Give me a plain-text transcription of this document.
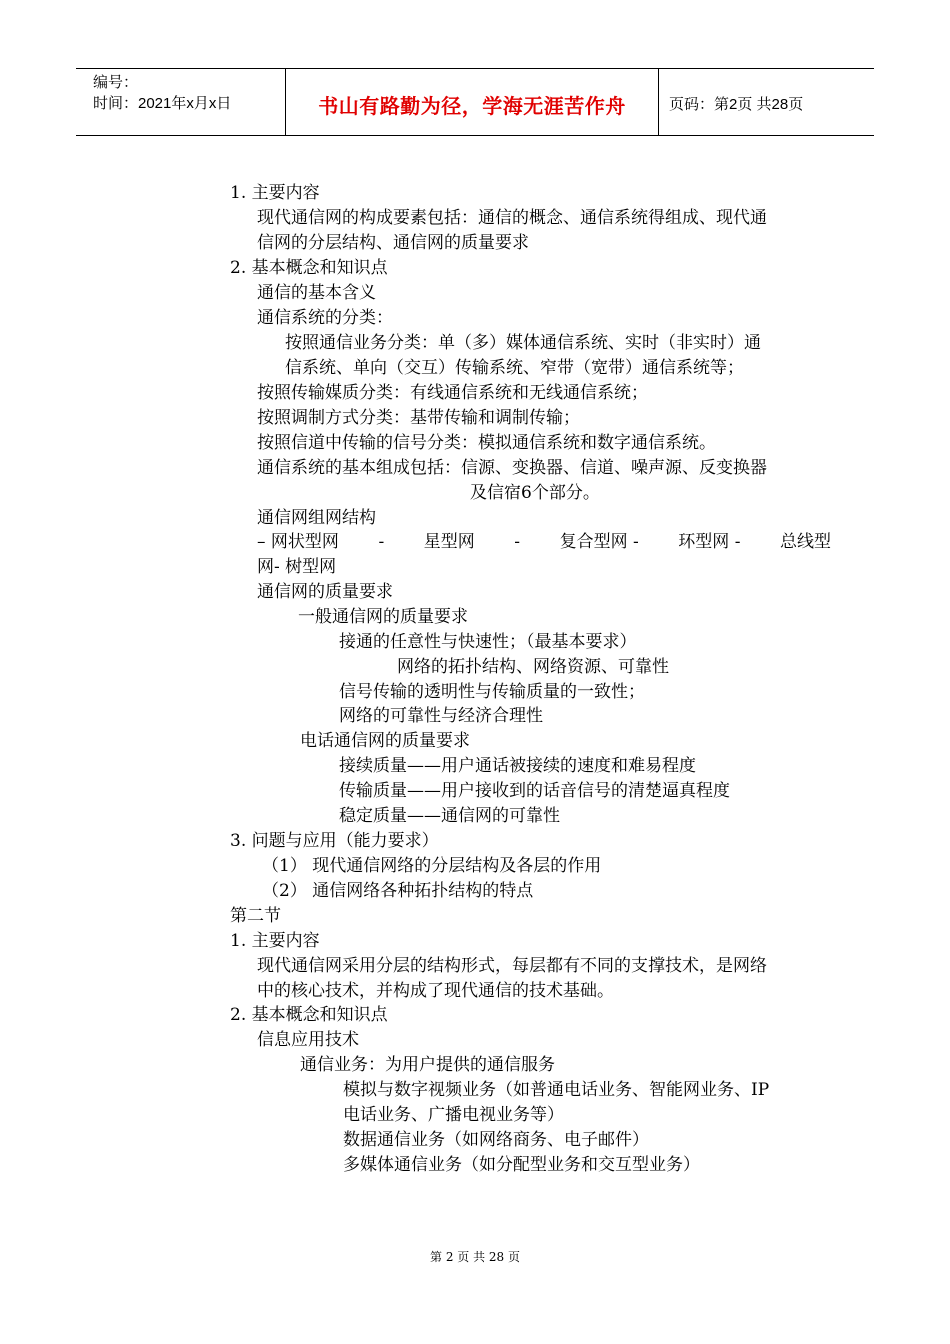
编号：
时间：2021年x月x日	书山有路勤为径，学海无涯苦作舟	页码：第2页 共28页
1. 主要内容
现代通信网的构成要素包括：通信的概念、通信系统得组成、现代通
信网的分层结构、通信网的质量要求
2. 基本概念和知识点
通信的基本含义
通信系统的分类：
按照通信业务分类：单（多）媒体通信系统、实时（非实时）通
信系统、单向（交互）传输系统、窄带（宽带）通信系统等；
按照传输媒质分类：有线通信系统和无线通信系统；
按照调制方式分类：基带传输和调制传输；
按照信道中传输的信号分类：模拟通信系统和数字通信系统。
通信系统的基本组成包括：信源、变换器、信道、噪声源、反变换器
及信宿6个部分。
通信网组网结构
– 网状型网 - 星型网 - 复合型网 - 环型网 - 总线型
网- 树型网
通信网的质量要求
一般通信网的质量要求
接通的任意性与快速性；（最基本要求）
网络的拓扑结构、网络资源、可靠性
信号传输的透明性与传输质量的一致性；
网络的可靠性与经济合理性
电话通信网的质量要求
接续质量——用户通话被接续的速度和难易程度
传输质量——用户接收到的话音信号的清楚逼真程度
稳定质量——通信网的可靠性
3. 问题与应用（能力要求）
（1） 现代通信网络的分层结构及各层的作用
（2） 通信网络各种拓扑结构的特点
第二节
1. 主要内容
现代通信网采用分层的结构形式，每层都有不同的支撑技术，是网络
中的核心技术，并构成了现代通信的技术基础。
2. 基本概念和知识点
信息应用技术
通信业务：为用户提供的通信服务
模拟与数字视频业务（如普通电话业务、智能网业务、IP
电话业务、广播电视业务等）
数据通信业务（如网络商务、电子邮件）
多媒体通信业务（如分配型业务和交互型业务）
第 2 页 共 28 页
